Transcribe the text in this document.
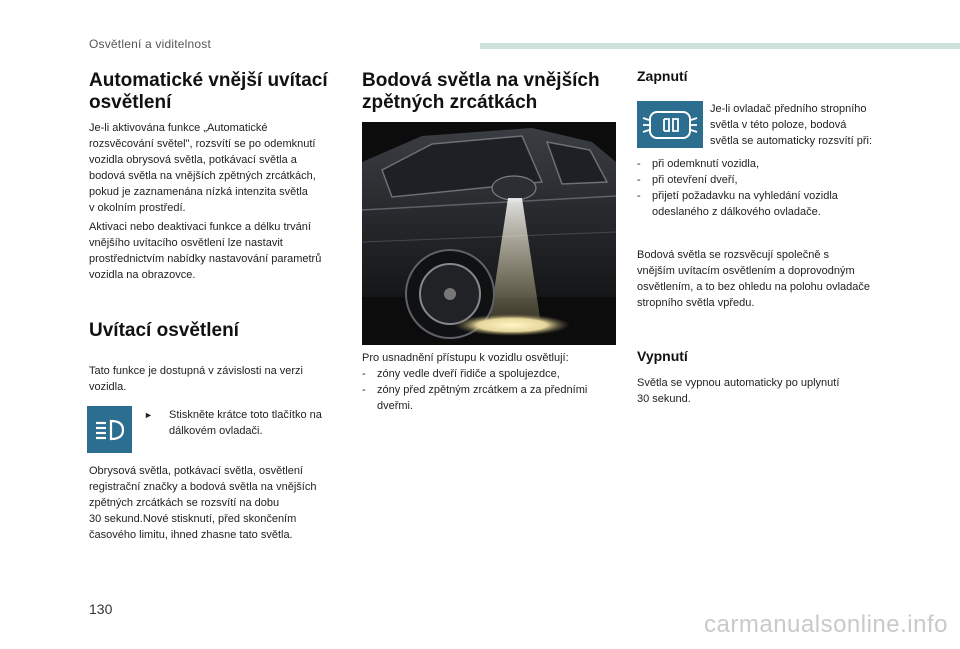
Osvětlení a viditelnost
Automatické vnější uvítací
osvětlení

Je-li aktivována funkce „Automatické
rozsvěcování světel", rozsvítí se po odemknutí
vozidla obrysová světla, potkávací světla a
bodová světla na vnějších zpětných zrcátkách,
pokud je zaznamenána nízká intenzita světla
v okolním prostředí.

Aktivaci nebo deaktivaci funkce a délku trvání
vnějšího uvítacího osvětlení lze nastavit
prostřednictvím nabídky nastavování parametrů
vozidla na obrazovce.

Uvítací osvětlení

Tato funkce je dostupná v závislosti na verzi
vozidla.

► Stiskněte krátce toto tlačítko na
dálkovém ovladači.

Obrysová světla, potkávací světla, osvětlení
registrační značky a bodová světla na vnějších
zpětných zrcátkách se rozsvítí na dobu
30 sekund.Nové stisknutí, před skončením
časového limitu, ihned zhasne tato světla.

Bodová světla na vnějších
zpětných zrcátkách

Pro usnadnění přístupu k vozidlu osvětlují:

- zóny vedle dveří řidiče a spolujezdce,
- zóny před zpětným zrcátkem a za předními
dveřmi.
Zapnutí

Je-li ovladač předního stropního
světla v této poloze, bodová
světla se automaticky rozsvítí při:

- při odemknutí vozidla,
- při otevření dveří,
- přijetí požadavku na vyhledání vozidla
odeslaného z dálkového ovladače.

Bodová světla se rozsvěcují společně s
vnějším uvítacím osvětlením a doprovodným
osvětlením, a to bez ohledu na polohu ovladače
stropního světla vpředu.

Vypnutí

Světla se vypnou automaticky po uplynutí
30 sekund.

130
carmanualsonline.info
